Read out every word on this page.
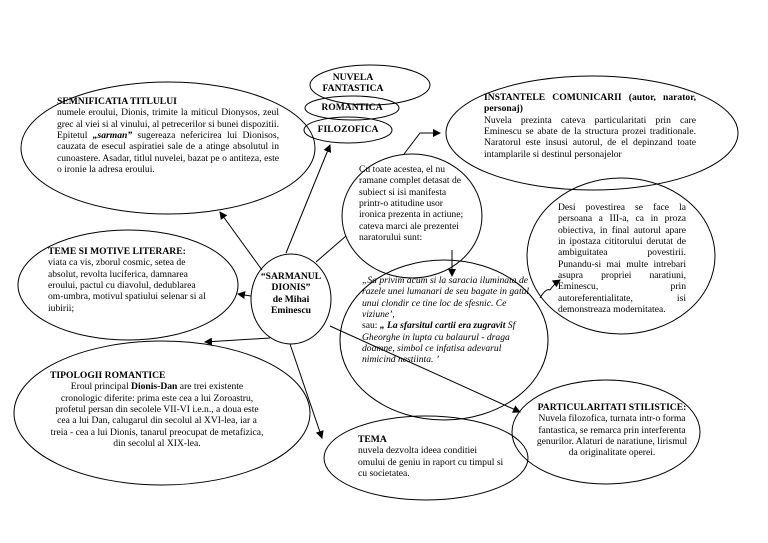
“SARMANUL DIONIS”
de Mihai Eminescu
NUVELA FANTASTICA
ROMANTICA
FILOZOFICA
SEMNIFICATIA TITLULUI
numele eroului, Dionis, trimite la miticul Dionysos, zeul grec al viei si al vinului, al petrecerilor si bunei dispozitii. Epitetul „sarman” sugereaza nefericirea lui Dionisos, cauzata de esecul aspiratiei sale de a atinge absolutul in cunoastere. Asadar, titlul nuvelei, bazat pe o antiteza, este o ironie la adresa eroului.
INSTANTELE COMUNICARII (autor, narator, personaj)
Nuvela prezinta cateva particularitati prin care Eminescu se abate de la structura prozei traditionale. Naratorul este insusi autorul, de el depinzand toate intamplarile si destinul personajelor
Cu toate acestea, el nu ramane complet detasat de subiect si isi manifesta printr-o atitudine usor ironica prezenta in actiune; cateva marci ale prezentei naratorului sunt:
Desi povestirea se face la persoana a III-a, ca in proza obiectiva, in final autorul apare in ipostaza cititorului derutat de ambiguitatea povestirii. Punandu-si mai multe intrebari asupra propriei naratiuni, Eminescu, prin autoreferentialitate, isi demonstreaza modernitatea.
TEME SI MOTIVE LITERARE:
viata ca vis, zborul cosmic, setea de absolut, revolta luciferica, damnarea eroului, pactul cu diavolul, dedublarea om-umbra, motivul spatiului selenar si al iubirii;
„Sa privim acum si la saracia iluminata de razele unei lumanari de seu bagate in gatul unui clondir ce tine loc de sfesnic. Ce viziune’,
sau: „ La sfarsitul cartii era zugravit Sf Gheorghe in lupta cu balaurul - draga doamne, simbol ce infatisa adevarul nimicind nestiinta. ’
TIPOLOGII ROMANTICE
Eroul principal Dionis-Dan are trei existente cronologic diferite: prima este cea a lui Zoroastru, profetul persan din secolele VII-VI i.e.n., a doua este cea a lui Dan, calugarul din secolul al XVI-lea, iar a treia - cea a lui Dionis, tanarul preocupat de metafizica, din secolul al XIX-lea.	TEMA
nuvela dezvolta ideea conditiei omului de geniu in raport cu timpul si cu societatea.
PARTICULARITATI STILISTICE: Nuvela filozofica, turnata intr-o forma fantastica, se remarca prin interferenta genurilor. Alaturi de naratiune, lirismul da originalitate operei.
